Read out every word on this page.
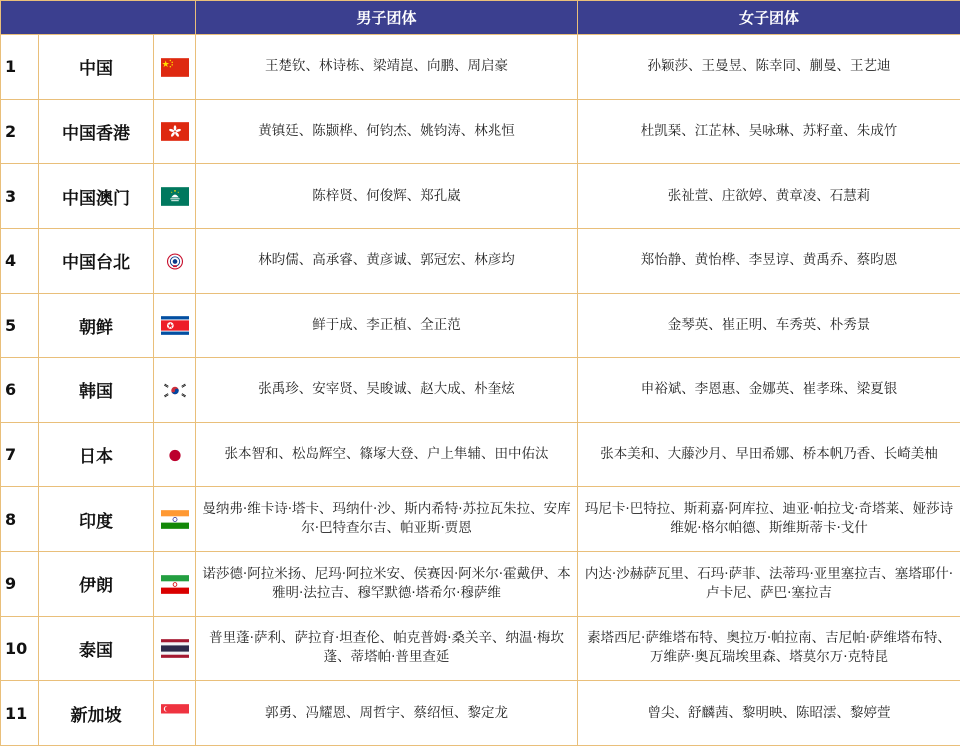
			男子团体	女子团体
1	中国		王楚钦、林诗栋、梁靖崑、向鹏、周启豪	孙颖莎、王曼昱、陈幸同、蒯曼、王艺迪
2	中国香港		黄镇廷、陈颢桦、何钧杰、姚钧涛、林兆恒	杜凯琹、江芷林、吴咏琳、苏籽童、朱成竹
3	中国澳门		陈梓贤、何俊辉、郑孔崴	张祉萱、庄欲婷、黄章凌、石慧莉
4	中国台北		林昀儒、高承睿、黄彦诚、郭冠宏、林彦均	郑怡静、黄怡桦、李昱谆、黄禹乔、蔡昀恩
5	朝鲜		鲜于成、李正植、全正范	金琴英、崔正明、车秀英、朴秀景
6	韩国		张禹珍、安宰贤、吴晙诚、赵大成、朴奎炫	申裕斌、李恩惠、金娜英、崔孝珠、梁夏银
7	日本		张本智和、松岛辉空、篠塚大登、户上隼辅、田中佑汰	张本美和、大藤沙月、早田希娜、桥本帆乃香、长崎美柚
8	印度		曼纳弗·维卡诗·塔卡、玛纳什·沙、斯内希特·苏拉瓦朱拉、安库尔·巴特查尔吉、帕亚斯·贾恩	玛尼卡·巴特拉、斯莉嘉·阿库拉、迪亚·帕拉戈·奇塔莱、娅莎诗维妮·格尔帕德、斯维斯蒂卡·戈什
9	伊朗		诺莎德·阿拉米扬、尼玛·阿拉米安、侯赛因·阿米尔·霍戴伊、本雅明·法拉吉、穆罕默德·塔希尔·穆萨维	内达·沙赫萨瓦里、石玛·萨菲、法蒂玛·亚里塞拉吉、塞塔耶什·卢卡尼、萨巴·塞拉吉
10	泰国		普里蓬·萨利、萨拉育·坦查伦、帕克普姆·桑关辛、纳温·梅坎蓬、蒂塔帕·普里查延	素塔西尼·萨维塔布特、奥拉万·帕拉南、吉尼帕·萨维塔布特、万维萨·奥瓦瑞埃里森、塔莫尔万·克特昆
11	新加坡		郭勇、冯耀恩、周哲宇、蔡绍恒、黎定龙	曾尖、舒麟茜、黎明映、陈昭澐、黎婷萱
